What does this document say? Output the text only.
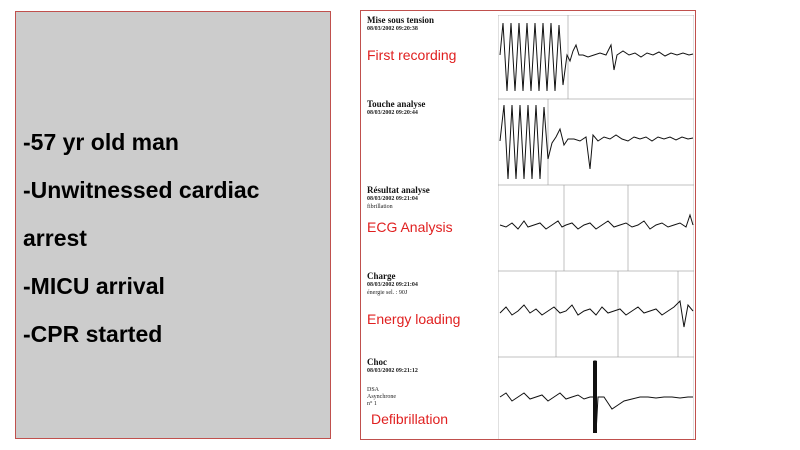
-57 yr old man
-Unwitnessed cardiac
arrest
-MICU arrival
-CPR started
Mise sous tension
08/03/2002 09:20:38
First recording
Touche analyse
08/03/2002 09:20:44
Résultat analyse
08/03/2002 09:21:04
fibrillation
ECG Analysis
Charge
08/03/2002 09:21:04
énergie sel. : 90J
Energy loading
Choc
08/03/2002 09:21:12
DSA
Asynchrone
n° 1
Defibrillation
